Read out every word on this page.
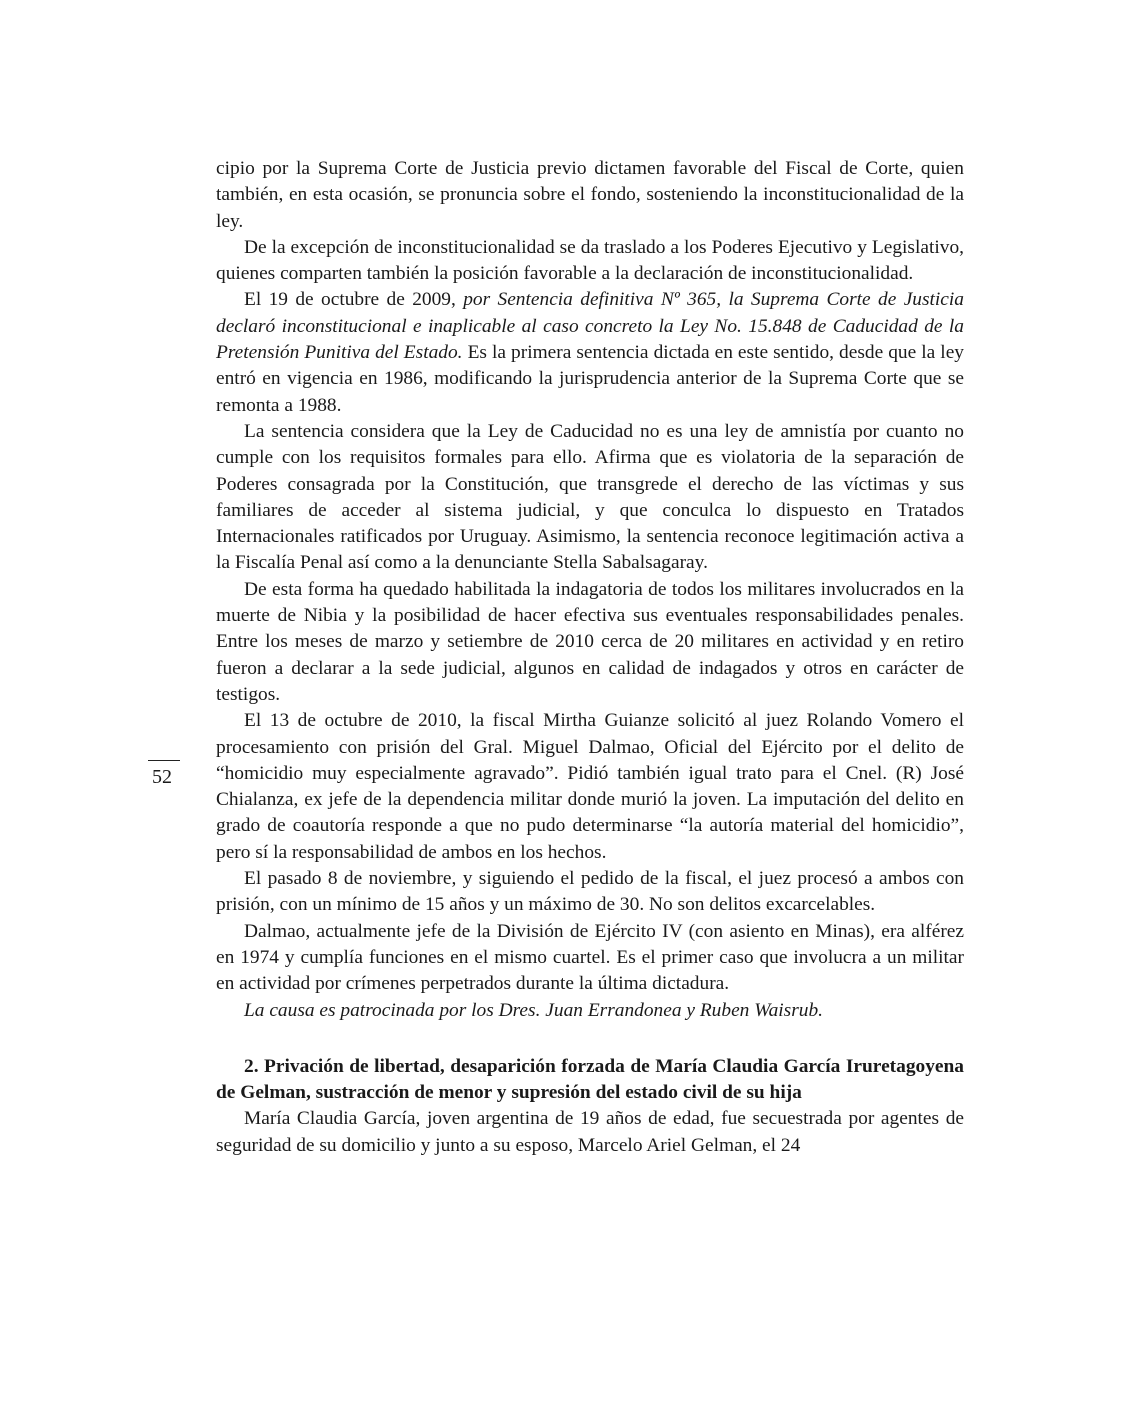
52

cipio por la Suprema Corte de Justicia previo dictamen favorable del Fiscal de Corte, quien también, en esta ocasión, se pronuncia sobre el fondo, sosteniendo la inconstitucionalidad de la ley.

De la excepción de inconstitucionalidad se da traslado a los Poderes Ejecutivo y Legislativo, quienes comparten también la posición favorable a la declaración de inconstitucionalidad.

El 19 de octubre de 2009, por Sentencia definitiva Nº 365, la Suprema Corte de Justicia declaró inconstitucional e inaplicable al caso concreto la Ley No. 15.848 de Caducidad de la Pretensión Punitiva del Estado. Es la primera sentencia dictada en este sentido, desde que la ley entró en vigencia en 1986, modificando la jurisprudencia anterior de la Suprema Corte que se remonta a 1988.

La sentencia considera que la Ley de Caducidad no es una ley de amnistía por cuanto no cumple con los requisitos formales para ello. Afirma que es violatoria de la separación de Poderes consagrada por la Constitución, que transgrede el derecho de las víctimas y sus familiares de acceder al sistema judicial, y que conculca lo dispuesto en Tratados Internacionales ratificados por Uruguay. Asimismo, la sentencia reconoce legitimación activa a la Fiscalía Penal así como a la denunciante Stella Sabalsagaray.

De esta forma ha quedado habilitada la indagatoria de todos los militares involucrados en la muerte de Nibia y la posibilidad de hacer efectiva sus eventuales responsabilidades penales. Entre los meses de marzo y setiembre de 2010 cerca de 20 militares en actividad y en retiro fueron a declarar a la sede judicial, algunos en calidad de indagados y otros en carácter de testigos.

El 13 de octubre de 2010, la fiscal Mirtha Guianze solicitó al juez Rolando Vomero el procesamiento con prisión del Gral. Miguel Dalmao, Oficial del Ejército por el delito de “homicidio muy especialmente agravado”. Pidió también igual trato para el Cnel. (R) José Chialanza, ex jefe de la dependencia militar donde murió la joven. La imputación del delito en grado de coautoría responde a que no pudo determinarse “la autoría material del homicidio”, pero sí la responsabilidad de ambos en los hechos.

El pasado 8 de noviembre, y siguiendo el pedido de la fiscal, el juez procesó a ambos con prisión, con un mínimo de 15 años y un máximo de 30. No son delitos excarcelables.

Dalmao, actualmente jefe de la División de Ejército IV (con asiento en Minas), era alférez en 1974 y cumplía funciones en el mismo cuartel. Es el primer caso que involucra a un militar en actividad por crímenes perpetrados durante la última dictadura.

La causa es patrocinada por los Dres. Juan Errandonea y Ruben Waisrub.

2. Privación de libertad, desaparición forzada de María Claudia García Iruretagoyena de Gelman, sustracción de menor y supresión del estado civil de su hija

María Claudia García, joven argentina de 19 años de edad, fue secuestrada por agentes de seguridad de su domicilio y junto a su esposo, Marcelo Ariel Gelman, el 24
